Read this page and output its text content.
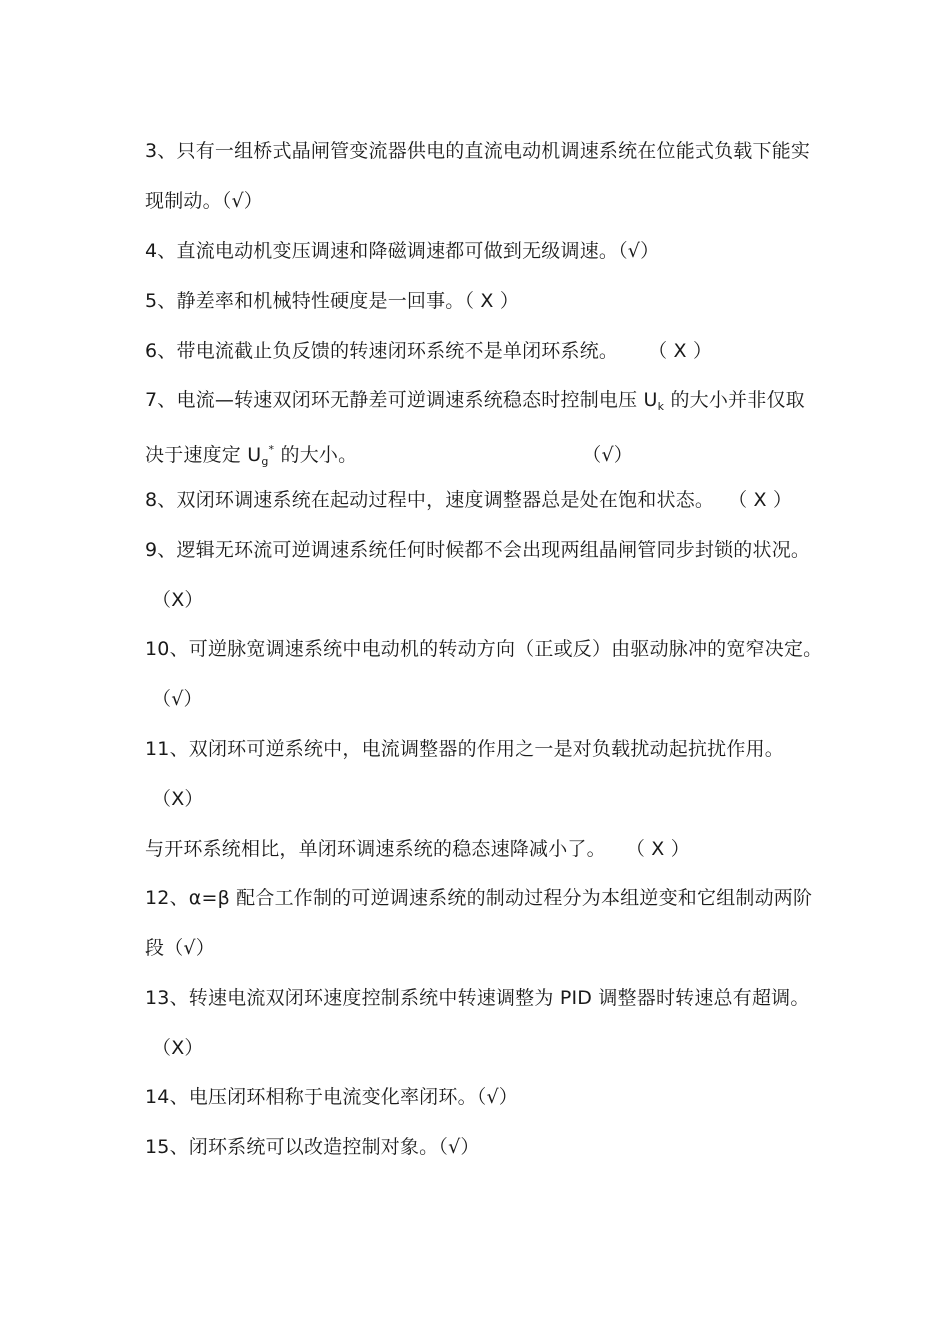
3、只有一组桥式晶闸管变流器供电的直流电动机调速系统在位能式负载下能实
现制动。（√）
4、直流电动机变压调速和降磁调速都可做到无级调速。（√）
5、静差率和机械特性硬度是一回事。（ X ）
6、带电流截止负反馈的转速闭环系统不是单闭环系统。 （ X ）
7、电流—转速双闭环无静差可逆调速系统稳态时控制电压 $U_k$ 的大小并非仅取
决于速度定 $U_g^*$ 的大小。	（√）
8、双闭环调速系统在起动过程中，速度调整器总是处在饱和状态。 （ X ）
9、逻辑无环流可逆调速系统任何时候都不会出现两组晶闸管同步封锁的状况。
（X）
10、可逆脉宽调速系统中电动机的转动方向（正或反）由驱动脉冲的宽窄决定。
（√）
11、双闭环可逆系统中，电流调整器的作用之一是对负载扰动起抗扰作用。
（X）
与开环系统相比，单闭环调速系统的稳态速降减小了。 （ X ）
12、α=β 配合工作制的可逆调速系统的制动过程分为本组逆变和它组制动两阶
段（√）
13、转速电流双闭环速度控制系统中转速调整为 PID 调整器时转速总有超调。
（X）
14、电压闭环相称于电流变化率闭环。（√）
15、闭环系统可以改造控制对象。（√）
